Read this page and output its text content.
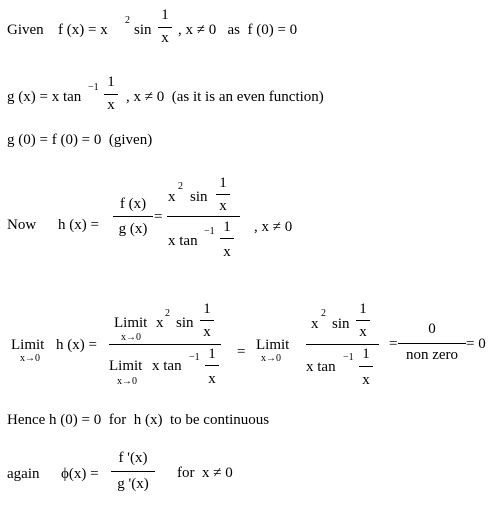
Given f (x) = x
2
sin
1
x , x ≠ 0   as  f (0) = 0
g (x) = x tan
−1 1
x , x ≠ 0  (as it is an even function)
g (0) = f (0) = 0  (given)
Now h (x) =
f (x)
g (x)
=
x
2
sin
1
x
x tan
−1 1
x
, x ≠ 0
Limit h (x) =
x→0
Limit x
2
sin
1
x
x→0
Limit x tan
−1 1
x
x→0
= Limit
x→0
x
2
sin
1
x
x tan
−1 1
x
=
0
non zero
= 0
Hence h (0) = 0  for  h (x)  to be continuous
again ϕ(x) =
f '(x)
g '(x)
for  x ≠ 0
